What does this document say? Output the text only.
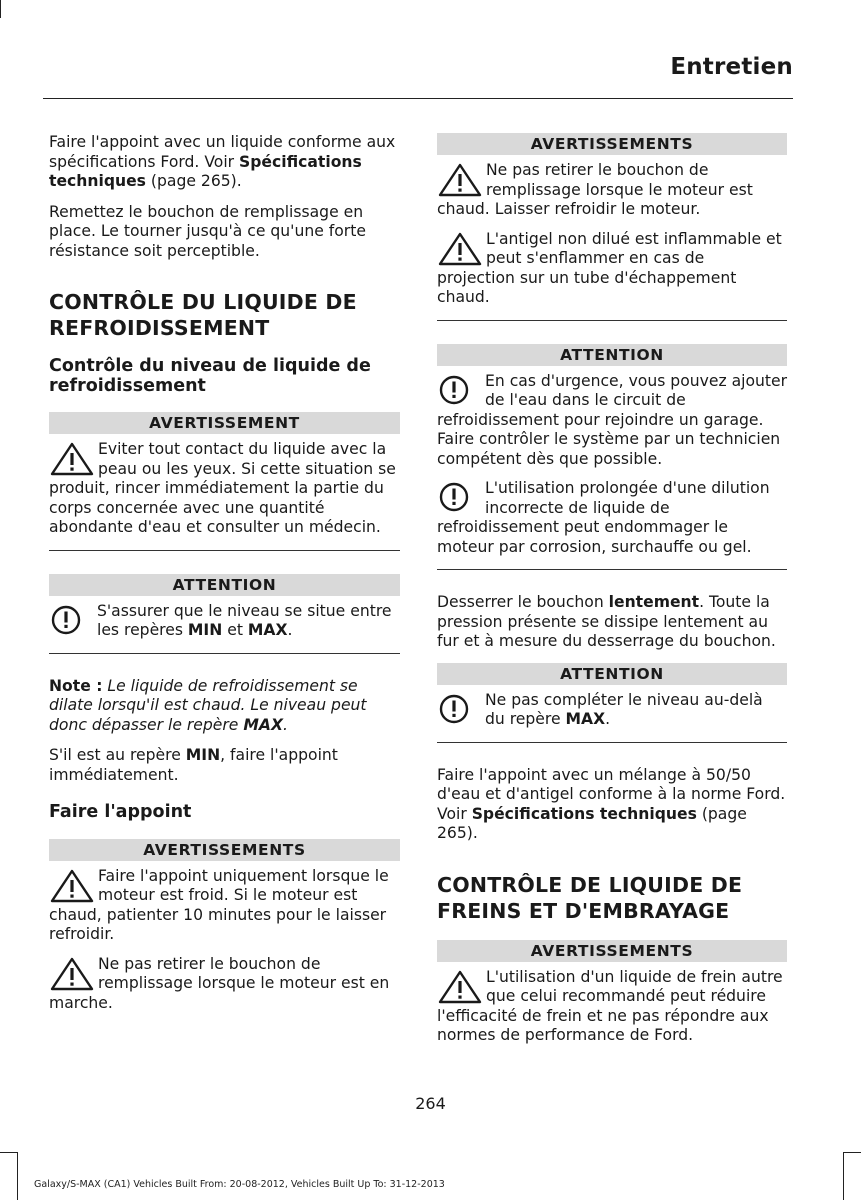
Entretien

Faire l'appoint avec un liquide conforme aux spécifications Ford. Voir Spécifications techniques (page 265).

Remettez le bouchon de remplissage en place. Le tourner jusqu'à ce qu'une forte résistance soit perceptible.

CONTRÔLE DU LIQUIDE DE REFROIDISSEMENT
Contrôle du niveau de liquide de refroidissement
AVERTISSEMENT
Eviter tout contact du liquide avec la peau ou les yeux. Si cette situation se produit, rincer immédiatement la partie du corps concernée avec une quantité abondante d'eau et consulter un médecin.
ATTENTION
S'assurer que le niveau se situe entre les repères MIN et MAX.

Note : Le liquide de refroidissement se dilate lorsqu'il est chaud. Le niveau peut donc dépasser le repère MAX.

S'il est au repère MIN, faire l'appoint immédiatement.

Faire l'appoint
AVERTISSEMENTS
Faire l'appoint uniquement lorsque le moteur est froid. Si le moteur est chaud, patienter 10 minutes pour le laisser refroidir.
Ne pas retirer le bouchon de remplissage lorsque le moteur est en marche.
AVERTISSEMENTS
Ne pas retirer le bouchon de remplissage lorsque le moteur est chaud. Laisser refroidir le moteur.
L'antigel non dilué est inflammable et peut s'enflammer en cas de projection sur un tube d'échappement chaud.
ATTENTION
En cas d'urgence, vous pouvez ajouter de l'eau dans le circuit de refroidissement pour rejoindre un garage. Faire contrôler le système par un technicien compétent dès que possible.
L'utilisation prolongée d'une dilution incorrecte de liquide de refroidissement peut endommager le moteur par corrosion, surchauffe ou gel.

Desserrer le bouchon lentement. Toute la pression présente se dissipe lentement au fur et à mesure du desserrage du bouchon.

ATTENTION
Ne pas compléter le niveau au-delà du repère MAX.

Faire l'appoint avec un mélange à 50/50 d'eau et d'antigel conforme à la norme Ford. Voir Spécifications techniques (page 265).

CONTRÔLE DE LIQUIDE DE FREINS ET D'EMBRAYAGE
AVERTISSEMENTS
L'utilisation d'un liquide de frein autre que celui recommandé peut réduire l'efficacité de frein et ne pas répondre aux normes de performance de Ford.
264
Galaxy/S-MAX (CA1) Vehicles Built From: 20-08-2012, Vehicles Built Up To: 31-12-2013
